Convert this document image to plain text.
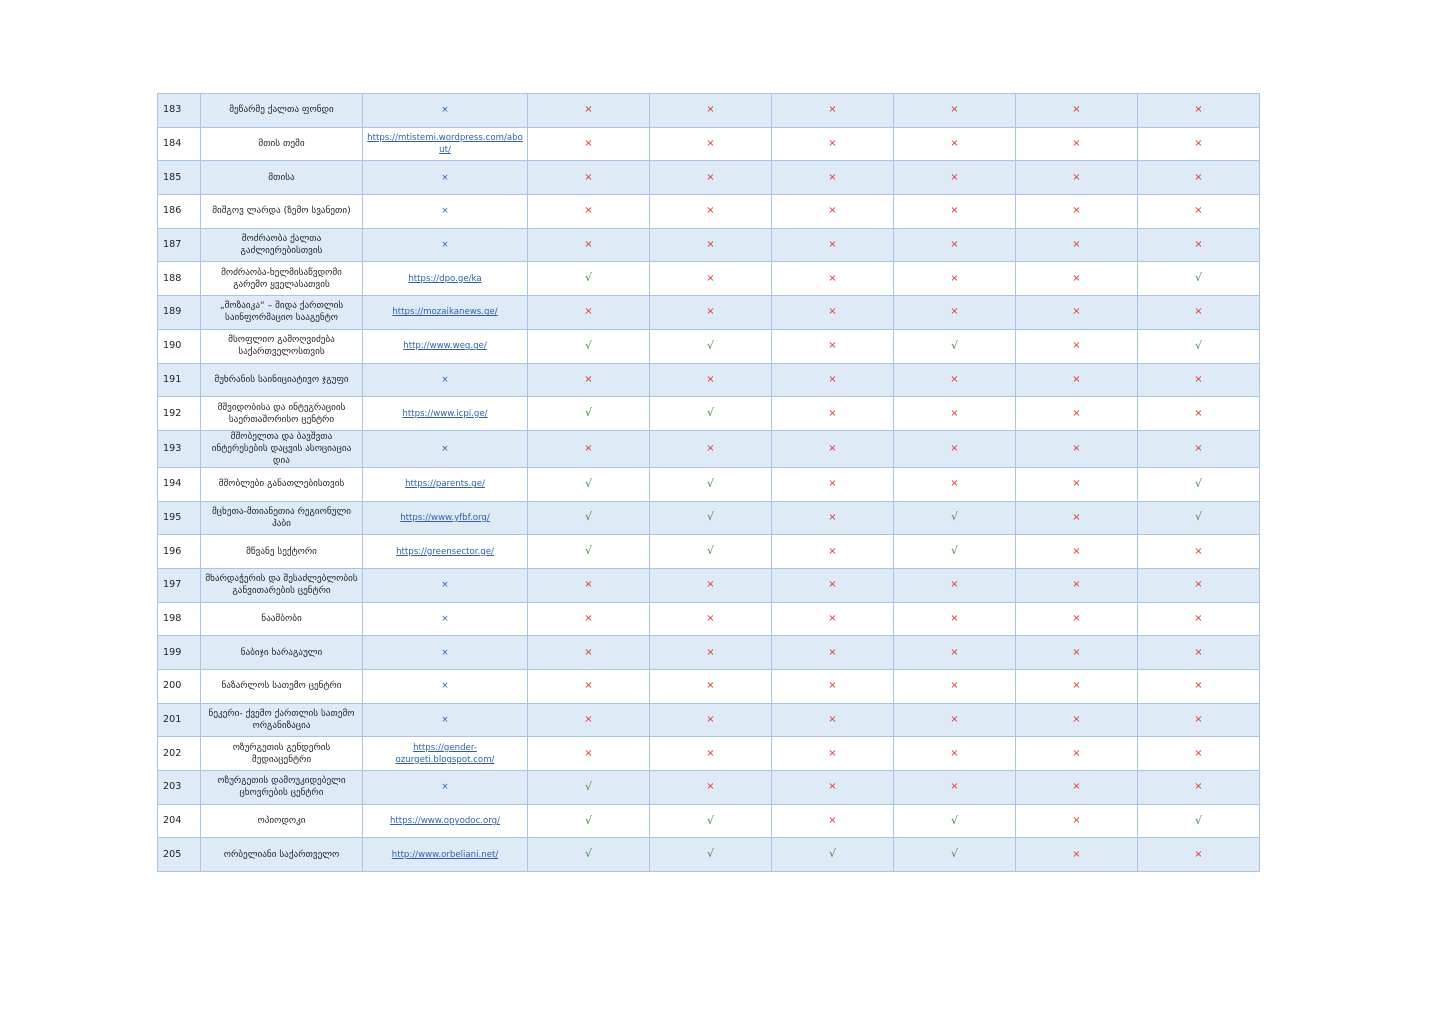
183	მეწარმე ქალთა ფონდი	×	×	×	×	×	×	×
184	მთის თემი	https://mtistemi.wordpress.com/abo ut/	×	×	×	×	×	×
185	მთისა	×	×	×	×	×	×	×
186	მიშგოვ ლარდა (ზემო სვანეთი)	×	×	×	×	×	×	×
187	მოძრაობა ქალთა გაძლიერებისთვის	×	×	×	×	×	×	×
188	მოძრაობა-ხელმისაწვდომი გარემო ყველასათვის	https://dpo.ge/ka	√	×	×	×	×	√
189	„მოზაიკა“ – შიდა ქართლის საინფორმაციო სააგენტო	https://mozaikanews.ge/	×	×	×	×	×	×
190	მსოფლიო გამოღვიძება საქართველოსთვის	http://www.weg.ge/	√	√	×	√	×	√
191	მუხრანის საინიციატივო ჯგუფი	×	×	×	×	×	×	×
192	მშვიდობისა და ინტეგრაციის საერთაშორისო ცენტრი	https://www.icpi.ge/	√	√	×	×	×	×
193	მშობელთა და ბავშვთა ინტერესების დაცვის ასოციაცია დია	×	×	×	×	×	×	×
194	მშობლები განათლებისთვის	https://parents.ge/	√	√	×	×	×	√
195	მცხეთა-მთიანეთია რეგიონული ჰაბი	https://www.yfbf.org/	√	√	×	√	×	√
196	მწვანე სექტორი	https://greensector.ge/	√	√	×	√	×	×
197	მხარდაჭერის და შესაძლებლობის განვითარების ცენტრი	×	×	×	×	×	×	×
198	ნაამბობი	×	×	×	×	×	×	×
199	ნაბიჯი ხარაგაული	×	×	×	×	×	×	×
200	ნაზარლოს სათემო ცენტრი	×	×	×	×	×	×	×
201	ნეკერი- ქვემო ქართლის სათემო ორგანიზაცია	×	×	×	×	×	×	×
202	ოზურგეთის გენდერის მედიაცენტრი	https://gender- ozurgeti.blogspot.com/	×	×	×	×	×	×
203	ოზურგეთის დამოუკიდებელი ცხოვრების ცენტრი	×	√	×	×	×	×	×
204	ოპიოდოკი	https://www.opyodoc.org/	√	√	×	√	×	√
205	ორბელიანი საქართველო	http://www.orbeliani.net/	√	√	√	√	×	×
